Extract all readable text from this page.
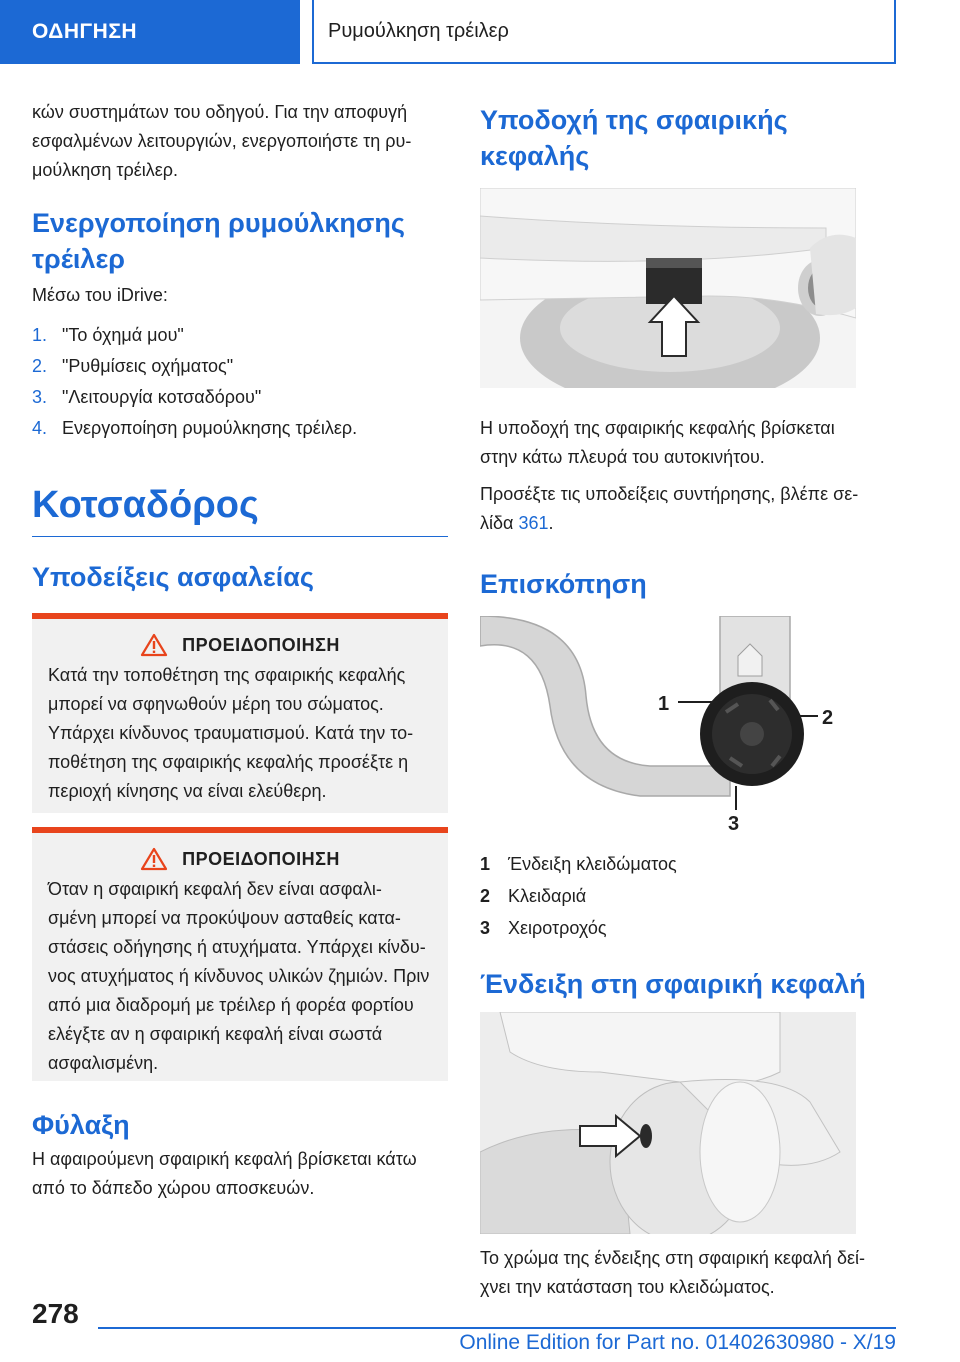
ΟΔΗΓΗΣΗ	Ρυμούλκηση τρέιλερ

κών συστημάτων του οδηγού. Για την αποφυγή

εσφαλμένων λειτουργιών, ενεργοποιήστε τη ρυ-

μούλκηση τρέιλερ.

Ενεργοποίηση ρυμούλκησης
τρέιλερ

Μέσω του iDrive:

1. "Το όχημά μου"
2. "Ρυθμίσεις οχήματος"
3. "Λειτουργία κοτσαδόρου"
4. Ενεργοποίηση ρυμούλκησης τρέιλερ.
Κοτσαδόρος
Υποδείξεις ασφαλείας
ΠΡΟΕΙΔΟΠΟΙΗΣΗ

Κατά την τοποθέτηση της σφαιρικής κεφαλής

μπορεί να σφηνωθούν μέρη του σώματος.

Υπάρχει κίνδυνος τραυματισμού. Κατά την το-

ποθέτηση της σφαιρικής κεφαλής προσέξτε η

περιοχή κίνησης να είναι ελεύθερη.

ΠΡΟΕΙΔΟΠΟΙΗΣΗ

Όταν η σφαιρική κεφαλή δεν είναι ασφαλι-

σμένη μπορεί να προκύψουν ασταθείς κατα-

στάσεις οδήγησης ή ατυχήματα. Υπάρχει κίνδυ-

νος ατυχήματος ή κίνδυνος υλικών ζημιών. Πριν

από μια διαδρομή με τρέιλερ ή φορέα φορτίου

ελέγξτε αν η σφαιρική κεφαλή είναι σωστά

ασφαλισμένη.

Φύλαξη

Η αφαιρούμενη σφαιρική κεφαλή βρίσκεται κάτω

από το δάπεδο χώρου αποσκευών.

Υποδοχή της σφαιρικής κεφαλής

Η υποδοχή της σφαιρικής κεφαλής βρίσκεται

στην κάτω πλευρά του αυτοκινήτου.

Προσέξτε τις υποδείξεις συντήρησης, βλέπε σε-

λίδα 361.

Επισκόπηση
1
2
3
1 Ένδειξη κλειδώματος
2 Κλειδαριά
3 Χειροτροχός
Ένδειξη στη σφαιρική κεφαλή

Το χρώμα της ένδειξης στη σφαιρική κεφαλή δεί-

χνει την κατάσταση του κλειδώματος.

278
Online Edition for Part no. 01402630980 - X/19
